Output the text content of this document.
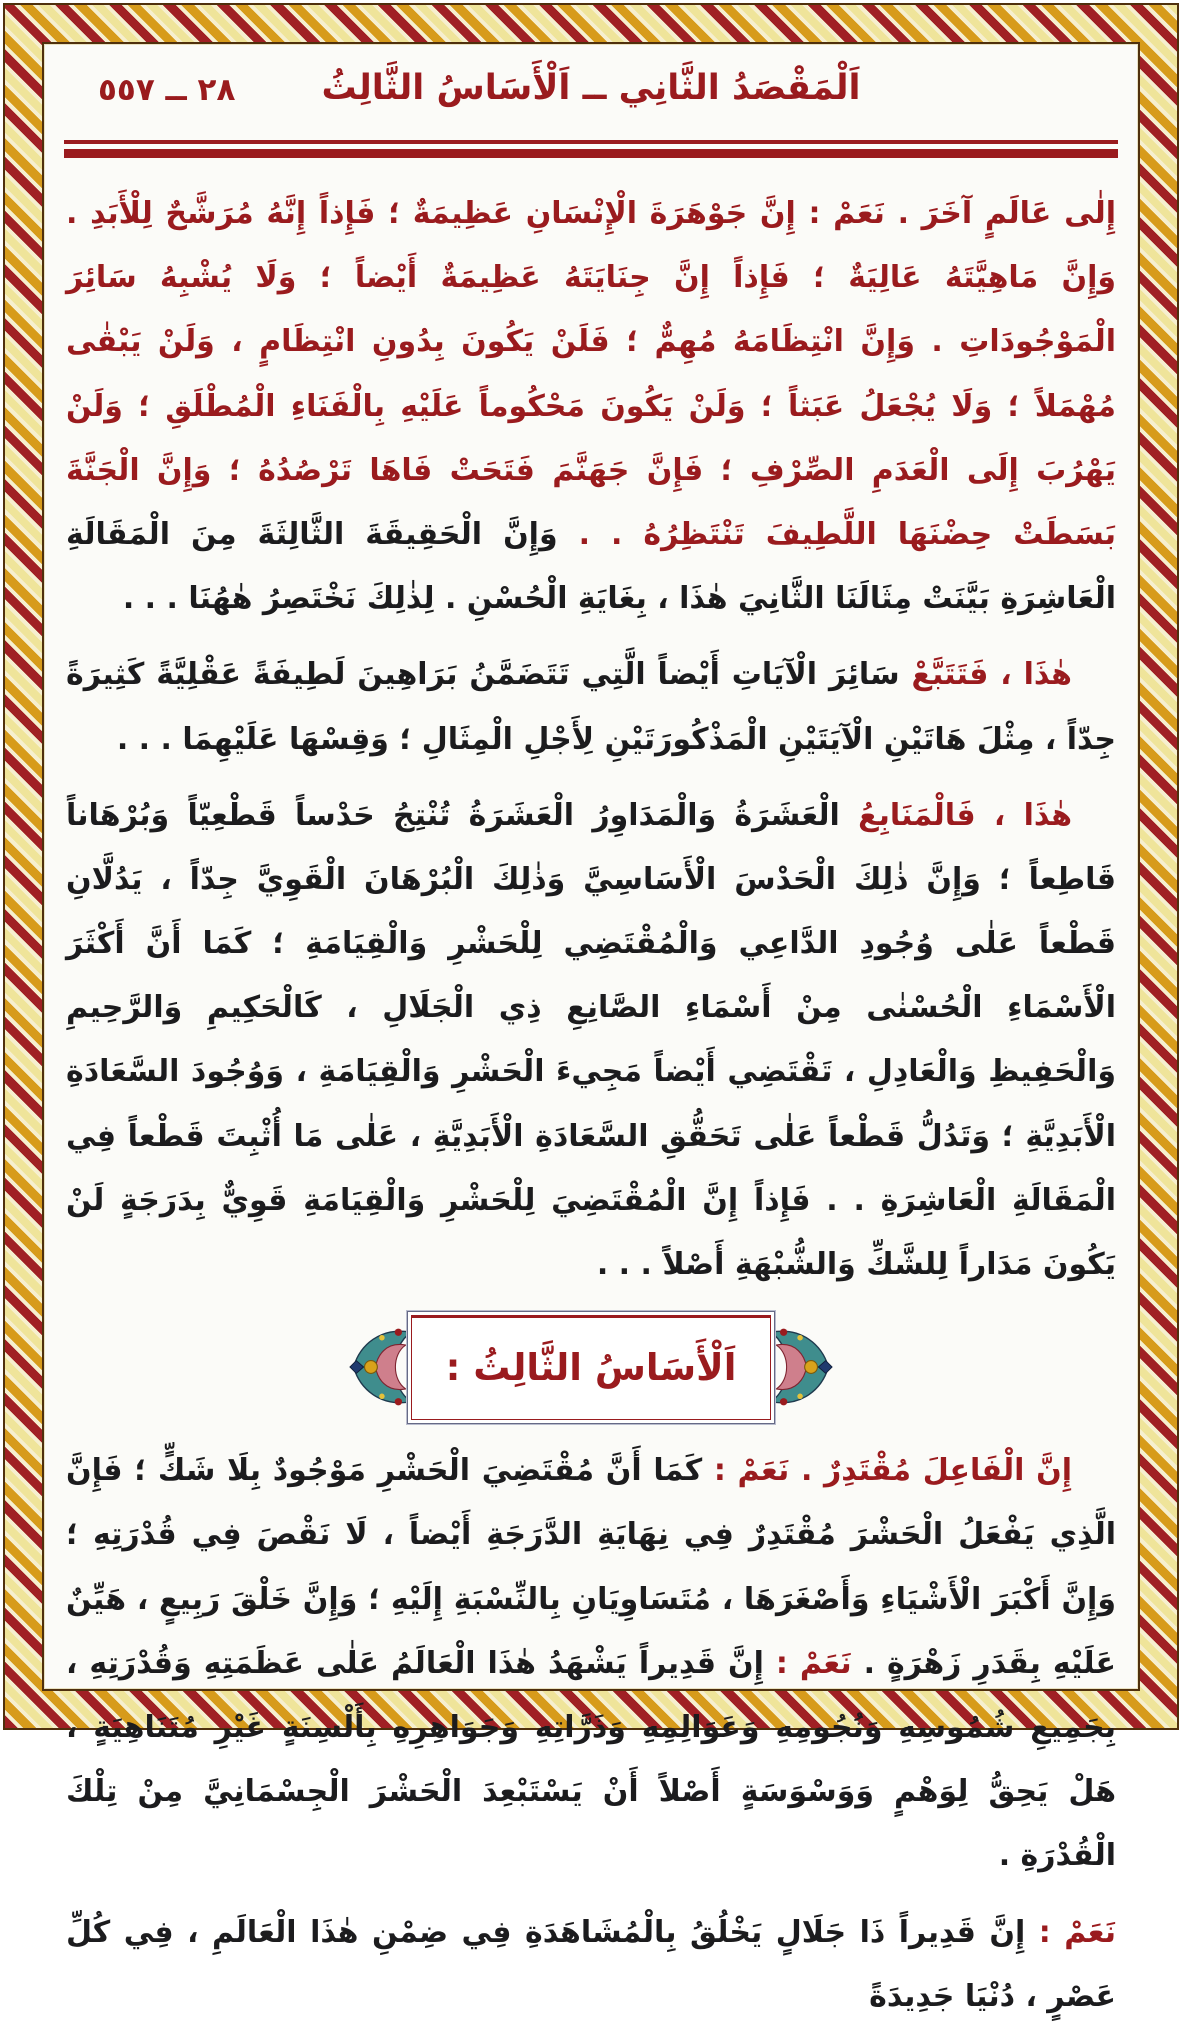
٢٨ ــ ٥٥٧	اَلْمَقْصَدُ الثَّانِي ــ اَلْأَسَاسُ الثَّالِثُ

إِلٰى عَالَمٍ آخَرَ . نَعَمْ : إِنَّ جَوْهَرَةَ الْإِنْسَانِ عَظِيمَةٌ ؛ فَإِذاً إِنَّهُ مُرَشَّحٌ لِلْأَبَدِ . وَإِنَّ مَاهِيَّتَهُ عَالِيَةٌ ؛ فَإِذاً إِنَّ جِنَايَتَهُ عَظِيمَةٌ أَيْضاً ؛ وَلَا يُشْبِهُ سَائِرَ الْمَوْجُودَاتِ . وَإِنَّ انْتِظَامَهُ مُهِمٌّ ؛ فَلَنْ يَكُونَ بِدُونِ انْتِظَامٍ ، وَلَنْ يَبْقٰى مُهْمَلاً ؛ وَلَا يُجْعَلُ عَبَثاً ؛ وَلَنْ يَكُونَ مَحْكُوماً عَلَيْهِ بِالْفَنَاءِ الْمُطْلَقِ ؛ وَلَنْ يَهْرُبَ إِلَى الْعَدَمِ الصِّرْفِ ؛ فَإِنَّ جَهَنَّمَ فَتَحَتْ فَاهَا تَرْصُدُهُ ؛ وَإِنَّ الْجَنَّةَ بَسَطَتْ حِضْنَهَا اللَّطِيفَ تَنْتَظِرُهُ . . وَإِنَّ الْحَقِيقَةَ الثَّالِثَةَ مِنَ الْمَقَالَةِ الْعَاشِرَةِ بَيَّنَتْ مِثَالَنَا الثَّانِيَ هٰذَا ، بِغَايَةِ الْحُسْنِ . لِذٰلِكَ نَخْتَصِرُ هٰهُنَا . . .

هٰذَا ، فَتَتَبَّعْ سَائِرَ الْآيَاتِ أَيْضاً الَّتِي تَتَضَمَّنُ بَرَاهِينَ لَطِيفَةً عَقْلِيَّةً كَثِيرَةً جِدّاً ، مِثْلَ هَاتَيْنِ الْآيَتَيْنِ الْمَذْكُورَتَيْنِ لِأَجْلِ الْمِثَالِ ؛ وَقِسْهَا عَلَيْهِمَا . . .

هٰذَا ، فَالْمَنَابِعُ الْعَشَرَةُ وَالْمَدَاوِرُ الْعَشَرَةُ تُنْتِجُ حَدْساً قَطْعِيّاً وَبُرْهَاناً قَاطِعاً ؛ وَإِنَّ ذٰلِكَ الْحَدْسَ الْأَسَاسِيَّ وَذٰلِكَ الْبُرْهَانَ الْقَوِيَّ جِدّاً ، يَدُلَّانِ قَطْعاً عَلٰى وُجُودِ الدَّاعِي وَالْمُقْتَضِي لِلْحَشْرِ وَالْقِيَامَةِ ؛ كَمَا أَنَّ أَكْثَرَ الْأَسْمَاءِ الْحُسْنٰى مِنْ أَسْمَاءِ الصَّانِعِ ذِي الْجَلَالِ ، كَالْحَكِيمِ وَالرَّحِيمِ وَالْحَفِيظِ وَالْعَادِلِ ، تَقْتَضِي أَيْضاً مَجِيءَ الْحَشْرِ وَالْقِيَامَةِ ، وَوُجُودَ السَّعَادَةِ الْأَبَدِيَّةِ ؛ وَتَدُلُّ قَطْعاً عَلٰى تَحَقُّقِ السَّعَادَةِ الْأَبَدِيَّةِ ، عَلٰى مَا أُثْبِتَ قَطْعاً فِي الْمَقَالَةِ الْعَاشِرَةِ . . فَإِذاً إِنَّ الْمُقْتَضِيَ لِلْحَشْرِ وَالْقِيَامَةِ قَوِيٌّ بِدَرَجَةٍ لَنْ يَكُونَ مَدَاراً لِلشَّكِّ وَالشُّبْهَةِ أَصْلاً . . .

اَلْأَسَاسُ الثَّالِثُ :

إِنَّ الْفَاعِلَ مُقْتَدِرٌ . نَعَمْ : كَمَا أَنَّ مُقْتَضِيَ الْحَشْرِ مَوْجُودٌ بِلَا شَكٍّ ؛ فَإِنَّ الَّذِي يَفْعَلُ الْحَشْرَ مُقْتَدِرٌ فِي نِهَايَةِ الدَّرَجَةِ أَيْضاً ، لَا نَقْصَ فِي قُدْرَتِهِ ؛ وَإِنَّ أَكْبَرَ الْأَشْيَاءِ وَأَصْغَرَهَا ، مُتَسَاوِيَانِ بِالنِّسْبَةِ إِلَيْهِ ؛ وَإِنَّ خَلْقَ رَبِيعٍ ، هَيِّنٌ عَلَيْهِ بِقَدَرِ زَهْرَةٍ . نَعَمْ : إِنَّ قَدِيراً يَشْهَدُ هٰذَا الْعَالَمُ عَلٰى عَظَمَتِهِ وَقُدْرَتِهِ ، بِجَمِيعِ شُمُوسِهِ وَنُجُومِهِ وَعَوَالِمِهِ وَذَرَّاتِهِ وَجَوَاهِرِهِ بِأَلْسِنَةٍ غَيْرِ مُتَنَاهِيَةٍ ، هَلْ يَحِقُّ لِوَهْمٍ وَوَسْوَسَةٍ أَصْلاً أَنْ يَسْتَبْعِدَ الْحَشْرَ الْجِسْمَانِيَّ مِنْ تِلْكَ الْقُدْرَةِ .

نَعَمْ : إِنَّ قَدِيراً ذَا جَلَالٍ يَخْلُقُ بِالْمُشَاهَدَةِ فِي ضِمْنِ هٰذَا الْعَالَمِ ، فِي كُلِّ عَصْرٍ ، دُنْيَا جَدِيدَةً
